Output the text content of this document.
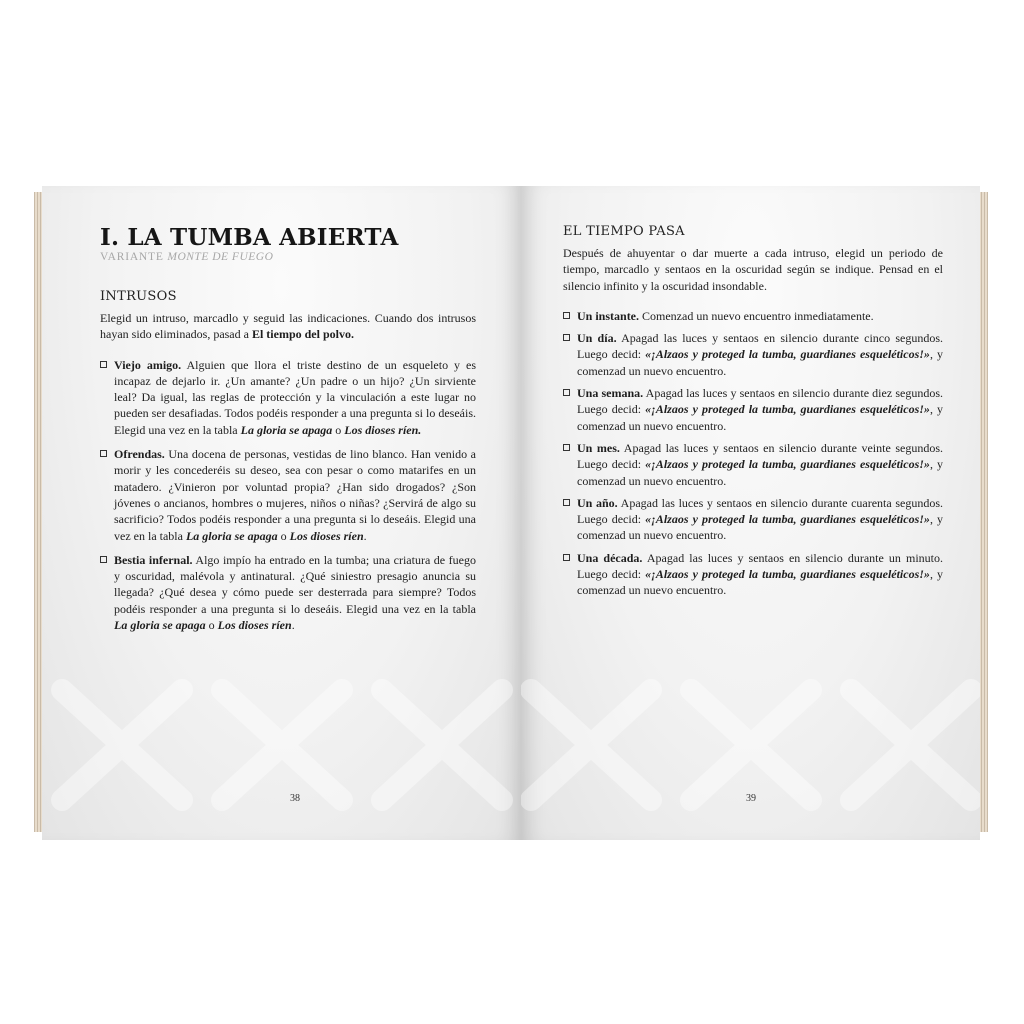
I. LA TUMBA ABIERTA
VARIANTE MONTE DE FUEGO
INTRUSOS

Elegid un intruso, marcadlo y seguid las indicaciones. Cuando dos intrusos hayan sido eliminados, pasad a El tiempo del polvo.

Viejo amigo. Alguien que llora el triste destino de un esqueleto y es incapaz de dejarlo ir. ¿Un amante? ¿Un padre o un hijo? ¿Un sirviente leal? Da igual, las reglas de protección y la vinculación a este lugar no pueden ser desafiadas. Todos podéis responder a una pregunta si lo deseáis. Elegid una vez en la tabla La gloria se apaga o Los dioses ríen.
Ofrendas. Una docena de personas, vestidas de lino blanco. Han venido a morir y les concederéis su deseo, sea con pesar o como matarifes en un matadero. ¿Vinieron por voluntad propia? ¿Han sido drogados? ¿Son jóvenes o ancianos, hombres o mujeres, niños o niñas? ¿Servirá de algo su sacrificio? Todos podéis responder a una pregunta si lo deseáis. Elegid una vez en la tabla La gloria se apaga o Los dioses ríen.
Bestia infernal. Algo impío ha entrado en la tumba; una criatura de fuego y oscuridad, malévola y antinatural. ¿Qué siniestro presagio anuncia su llegada? ¿Qué desea y cómo puede ser desterrada para siempre? Todos podéis responder a una pregunta si lo deseáis. Elegid una vez en la tabla La gloria se apaga o Los dioses ríen.
38
EL TIEMPO PASA

Después de ahuyentar o dar muerte a cada intruso, elegid un periodo de tiempo, marcadlo y sentaos en la oscuridad según se indique. Pensad en el silencio infinito y la oscuridad insondable.

Un instante. Comenzad un nuevo encuentro inmediatamente.
Un día. Apagad las luces y sentaos en silencio durante cinco segundos. Luego decid: «¡Alzaos y proteged la tumba, guardianes esqueléticos!», y comenzad un nuevo encuentro.
Una semana. Apagad las luces y sentaos en silencio durante diez segundos. Luego decid: «¡Alzaos y proteged la tumba, guardianes esqueléticos!», y comenzad un nuevo encuentro.
Un mes. Apagad las luces y sentaos en silencio durante veinte segundos. Luego decid: «¡Alzaos y proteged la tumba, guardianes esqueléticos!», y comenzad un nuevo encuentro.
Un año. Apagad las luces y sentaos en silencio durante cuarenta segundos. Luego decid: «¡Alzaos y proteged la tumba, guardianes esqueléticos!», y comenzad un nuevo encuentro.
Una década. Apagad las luces y sentaos en silencio durante un minuto. Luego decid: «¡Alzaos y proteged la tumba, guardianes esqueléticos!», y comenzad un nuevo encuentro.
39
